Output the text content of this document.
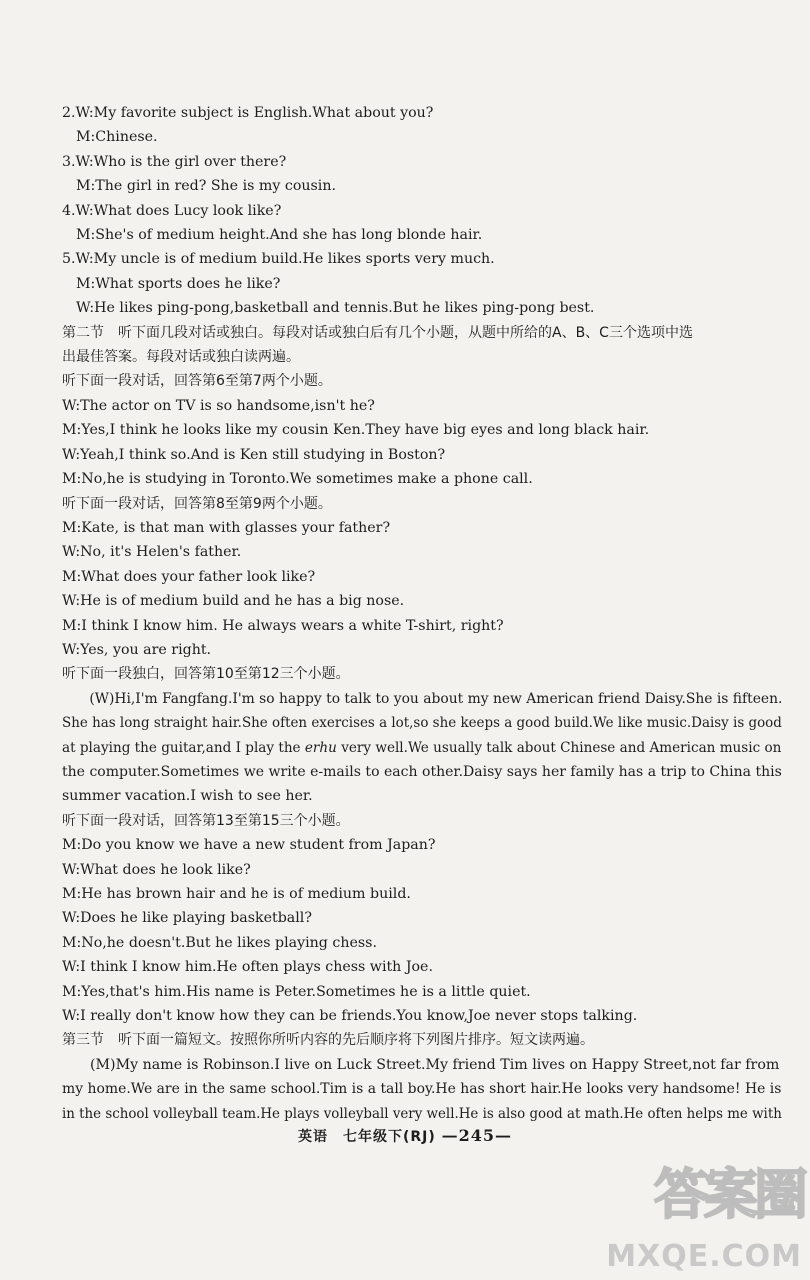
2.W:My favorite subject is English.What about you?
M:Chinese.
3.W:Who is the girl over there?
M:The girl in red? She is my cousin.
4.W:What does Lucy look like?
M:She's of medium height.And she has long blonde hair.
5.W:My uncle is of medium build.He likes sports very much.
M:What sports does he like?
W:He likes ping-pong,basketball and tennis.But he likes ping-pong best.
第二节　听下面几段对话或独白。每段对话或独白后有几个小题，从题中所给的A、B、C三个选项中选
出最佳答案。每段对话或独白读两遍。
听下面一段对话，回答第6至第7两个小题。
W:The actor on TV is so handsome,isn't he?
M:Yes,I think he looks like my cousin Ken.They have big eyes and long black hair.
W:Yeah,I think so.And is Ken still studying in Boston?
M:No,he is studying in Toronto.We sometimes make a phone call.
听下面一段对话，回答第8至第9两个小题。
M:Kate, is that man with glasses your father?
W:No, it's Helen's father.
M:What does your father look like?
W:He is of medium build and he has a big nose.
M:I think I know him. He always wears a white T-shirt, right?
W:Yes, you are right.
听下面一段独白，回答第10至第12三个小题。
(W)Hi,I'm Fangfang.I'm so happy to talk to you about my new American friend Daisy.She is fifteen.
She has long straight hair.She often exercises a lot,so she keeps a good build.We like music.Daisy is good
at playing the guitar,and I play the erhu very well.We usually talk about Chinese and American music on
the computer.Sometimes we write e-mails to each other.Daisy says her family has a trip to China this
summer vacation.I wish to see her.
听下面一段对话，回答第13至第15三个小题。
M:Do you know we have a new student from Japan?
W:What does he look like?
M:He has brown hair and he is of medium build.
W:Does he like playing basketball?
M:No,he doesn't.But he likes playing chess.
W:I think I know him.He often plays chess with Joe.
M:Yes,that's him.His name is Peter.Sometimes he is a little quiet.
W:I really don't know how they can be friends.You know,Joe never stops talking.
第三节　听下面一篇短文。按照你所听内容的先后顺序将下列图片排序。短文读两遍。
(M)My name is Robinson.I live on Luck Street.My friend Tim lives on Happy Street,not far from
my home.We are in the same school.Tim is a tall boy.He has short hair.He looks very handsome! He is
in the school volleyball team.He plays volleyball very well.He is also good at math.He often helps me with
英语　七年级下(RJ) —245—
答案圈
MXQE.COM
